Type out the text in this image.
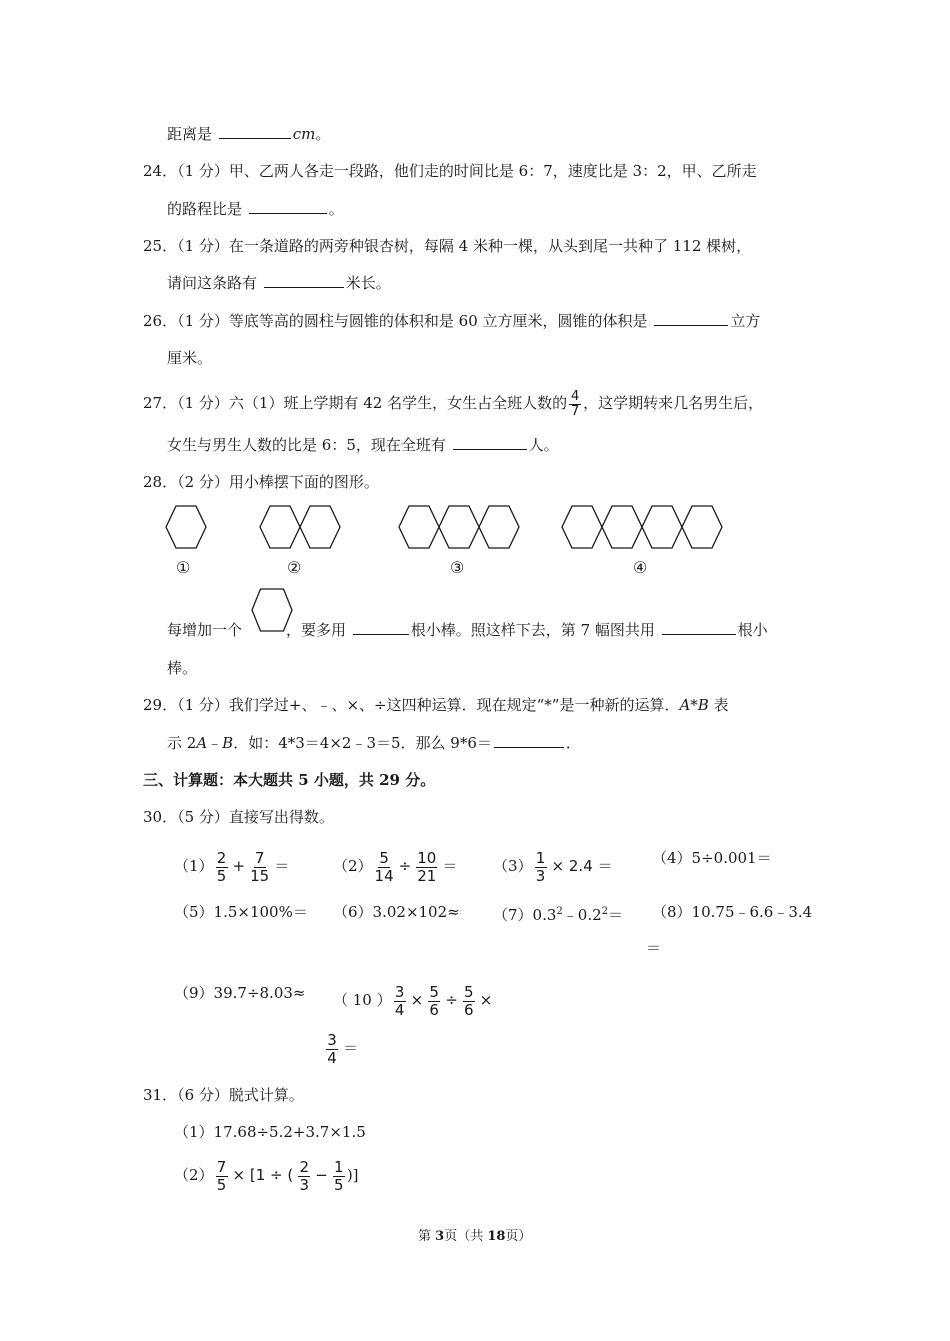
距离是	cm。
24．（1 分）甲、乙两人各走一段路，他们走的时间比是 6：7，速度比是 3：2，甲、乙所走
的路程比是	。
25．（1 分）在一条道路的两旁种银杏树，每隔 4 米种一棵，从头到尾一共种了 112 棵树，
请问这条路有	米长。
26．（1 分）等底等高的圆柱与圆锥的体积和是 60 立方厘米，圆锥的体积是	立方
厘米。
27．（1 分）六（1）班上学期有 42 名学生，女生占全班人数的 $\frac{4}{7}$ ，这学期转来几名男生后，
女生与男生人数的比是 6：5，现在全班有	人。
28．（2 分）用小棒摆下面的图形。
①	②	③	④
每增加一个	，要多用	根小棒。照这样下去，第 7 幅图共用	根小
棒。
29．（1 分）我们学过+、﹣、×、÷这四种运算．现在规定“*”是一种新的运算．A*B 表
示 2A﹣B．如：4*3＝4×2﹣3＝5．那么 9*6＝	．
三、计算题：本大题共 5 小题，共 29 分。
30．（5 分）直接写出得数。
$(1) \frac{2}{5} + \frac{7}{15}$ ＝	$(2) \frac{5}{14} \div \frac{10}{21} = (3) \frac{1}{3} \times 2.4$ ＝	（4）5÷0.001＝
$(5)1.5\times 100\%= (6)3.02\times 102\approx (7)0.3^2﹣0.2^2=$ （8）10.75﹣6.6﹣3.4
＝
（9）39.7÷8.03≈ （ 10 ） $\frac{3}{4} \times \frac{5}{6} \div \frac{5}{6}$ ×
$\frac{3}{4}$ ＝
31．（6 分）脱式计算。
（1）17.68÷5.2+3.7×1.5
$(2) \frac{7}{5} \times [1$ ÷ ( $\frac{2}{3} - \frac{1}{5}$ )]
第 3页（共 18页）
